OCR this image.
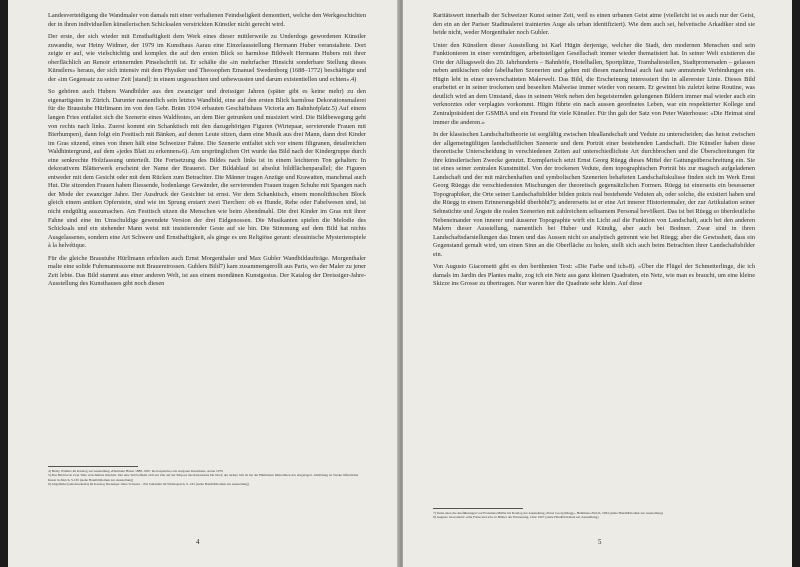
Landesverteidigung die Wandmaler von damals mit einer verhaltenen Feindseligkeit demontiert, welche den Werkgeschichten der in ihren individuellen künstlerischen Schicksalen verstrickten Künstler nicht gerecht wird.

Der erste, der sich wieder mit Ernsthaftigkeit dem Werk eines dieser mittlerweile zu Underdogs gewordenen Künstler zuwandte, war Heiny Widmer, der 1979 im Kunsthaus Aarau eine Einzelausstellung Hermann Huber veranstaltete. Dort zeigte er auf, wie vielschichtig und komplex die auf den ersten Blick so harmlose Bildwelt Hermann Hubers mit ihrer oberflächlich an Renoir erinnernden Pinselschrift ist. Er schälte die «in mehrfacher Hinsicht sonderbare Stellung dieses Künstlers» heraus, der sich intensiv mit dem Physiker und Theosophen Emanuel Swedenborg (1688–1772) beschäftigte und der «im Gegensatz zu seiner Zeit [stand]: in einem ungesuchten und unbewussten und darum existentiellen und echten».4)

So gehören auch Hubers Wandbilder aus den zwanziger und dreissiger Jahren (später gibt es keine mehr) zu den eigenartigsten in Zürich. Darunter namentlich sein letztes Wandbild, eine auf den ersten Blick harmlose Dekorationsmalerei für die Braustube Hürlimann im von den Gebr. Bräm 1934 erbauten Geschäftshaus Victoria am Bahnhofplatz.5) Auf einem langen Fries entfaltet sich die Szenerie eines Waldfestes, an dem Bier getrunken und musiziert wird. Die Bildbewegung geht von rechts nach links. Zuerst kommt ein Schanktisch mit den dazugehörigen Figuren (Wirtepaar, servierende Frauen mit Bierhumpen), dann folgt ein Festtisch mit Bänken, auf denen Leute sitzen, dann eine Musik aus drei Mann, dann drei Kinder im Gras sitzend, eines von ihnen hält eine Schweizer Fahne. Die Szenerie entfaltet sich vor einem filigranen, detailreichen Waldhintergrund, auf dem «jedes Blatt zu erkennen»6). Am ursprünglichen Ort wurde das Bild nach der Kindergruppe durch eine senkrechte Holzfassung unterteilt. Die Fortsetzung des Bildes nach links ist in einem leichteren Ton gehalten: In dekorativem Blätterwerk erscheint der Name der Brauerei. Der Bildablauf ist absolut bildflächenparallel; die Figuren entweder mit dem Gesicht oder mit dem Rücken zum Betrachter. Die Männer tragen Anzüge und Krawatten, manchmal auch Hut. Die sitzenden Frauen haben fliessende, bodenlange Gewänder, die servierenden Frauen tragen Schuhe mit Spangen nach der Mode der zwanziger Jahre. Der Ausdruck der Gesichter ist ernst. Vor dem Schanktisch, einem monolithischen Block gleich einem antiken Opferstein, sind wie im Sprung erstarrt zwei Tierchen: ob es Hunde, Rehe oder Fabelwesen sind, ist nicht endgültig auszumachen. Am Festtisch sitzen die Menschen wie beim Abendmahl. Die drei Kinder im Gras mit ihrer Fahne sind eine im Umschuldige gewendete Version der drei Eidgenossen. Die Musikanten spielen die Melodie des Schicksals und ein stehender Mann weist mit insistierender Geste auf sie hin. Die Stimmung auf dem Bild hat nichts Ausgelassenes, sondern eine Art Schwere und Ernsthaftigkeit, als ginge es um Religiöse gerant: eleusinische Mysterienspiele à la helvétique.

Für die gleiche Braustube Hürlimann erhielten auch Ernst Morgenthaler und Max Gubler Wandbildaufträge. Morgenthaler malte eine solide Fuhrmannsszene mit Brauereirossen. Gublers Bild7) kam zusammengerollt aus Paris, wo der Maler zu jener Zeit lebte. Das Bild stammt aus einer anderen Welt, ist aus einem mondänen Kunstgestus. Der Katalog der Dreissiger-Jahre-Ausstellung des Kunsthauses gibt noch diesen

4) Heiny Widmer im Katalog zur Ausstellung «Hermann Huber 1888–1967. Retrospektive» im Aargauer Kunsthaus, Aarau 1979
5) Das Bild hat in zwei Teile verschnitten überlebt. Der eine Teil befindet sich zur Zeit auf der Empore des Restaurants Du Nord; der andere Teil ist bei der Hürlimann Immobilien AG eingelagert. Abbildung in: Werke öffentlicher Kunst in Zürich, S.165 (siehe Handbibliothek zur Ausstellung)
6) Abgebildet (seitenverkehrt) im Katalog Dreissiger Jahre Schweiz – Ein Jahrzehnt im Widerspruch, S. 243 (siehe Handbibliothek zur Ausstellung)
4

Raritätswert innerhalb der Schweizer Kunst seiner Zeit, weil es einen urbanen Geist atme (vielleicht ist es auch nur der Geist, den ein an der Pariser Stadtmalerei trainiertes Auge als urban identifiziert). Wie dem auch sei, helvetische Arkadiker sind sie beide nicht, weder Morgenthaler noch Gubler.

Unter den Künstlern dieser Ausstellung ist Karl Hügin derjenige, welcher die Stadt, den modernen Menschen und sein Funktionieren in einer vernünftigen, arbeitsteiligen Gesellschaft immer wieder thematisiert hat. In seiner Welt existieren die Orte der Alltagswelt des 20. Jahrhunderts – Bahnhöfe, Hotelhallen, Sportplätze, Tramhaltestellen, Stadtpromenaden – gelassen neben antikischen oder fabelhaften Szenerien und gehen mit diesen manchmal auch fast naiv anmutende Verbindungen ein. Hügin lebt in einer unverschatteten Malerwelt. Das Bild, die Erscheinung interessiert ihn in allererster Linie. Dieses Bild erarbeitet er in seiner trockenen und beseelten Malweise immer wieder von neuem. Er gewinnt bis zuletzt keine Routine, was deutlich wird an dem Umstand, dass in seinem Werk neben den begeisternden gelungenen Bildern immer mal wieder auch ein verknorztes oder verplagtes vorkommt. Hügin führte ein nach aussen geordnetes Leben, war ein respektierter Kollege und Zentralpräsident der GSMBA und ein Freund für viele Künstler. Für ihn galt der Satz von Peter Waterhouse: «Die Heimat sind immer die anderen.»

In der klassischen Landschaftstheorie ist sorgfältig zwischen Ideallandschaft und Vedute zu unterscheiden; das heisst zwischen der allgemeingültigen landschaftlichen Szenerie und dem Porträt einer bestehenden Landschaft. Die Künstler haben diese theoretische Unterscheidung in verschiedenen Zeiten auf unterschiedlichste Art durchbrochen und die Überschreitungen für ihre künstlerischen Zwecke genutzt. Exemplarisch setzt Ernst Georg Rüegg dieses Mittel der Gattungsüberschreitung ein. Sie ist eines seiner zentralen Kunstmittel. Von der trockenen Vedute, dem topographischen Porträt bis zur magisch aufgeladenen Landschaft und der mit märchenhaften und symbolischen Szenerien behafteten Landschaftskulisse finden sich im Werk Ernst Georg Rüeggs die verschiedensten Mischungen der theoretisch gegensätzlichen Formen. Rüegg ist einerseits ein besessener Topographiker, die Orte seiner Landschaftsbilder bilden präzis real bestehende Veduten ab, oder solche, die existiert haben und die Rüegg in einem Erinnerungsbild überhöht7); andererseits ist er eine Art innerer Historienmaler, der zur Artikulation seiner Sehnsüchte und Ängste die realen Szenerien mit zahlreichem seltsamem Personal bevölkert. Das ist bei Rüegg so überdeutliche Nebeneinander von innerer und äusserer Topographie wirft ein Licht auf die Funktion von Landschaft, auch bei den anderen Malern dieser Ausstellung, namentlich bei Huber und Kündig, aber auch bei Bodmer. Zwar sind in ihren Landschaftsdarstellungen das Innen und das Aussen nicht so analytisch getrennt wie bei Rüegg; aber die Gewissheit, dass ein Gegenstand gemalt wird, um einen Sinn an die Oberfläche zu holen, stellt sich auch beim Betrachten ihrer Landschaftsbilder ein.

Von Augusto Giacometti gibt es den berühmten Text: «Die Farbe und ich»8). «Über die Flügel der Schmetterlinge, die ich damals im Jardin des Plantes malte, zog ich ein Netz aus ganz kleinen Quadraten, ein Netz, wie man es braucht, um eine kleine Skizze ins Grosse zu übertragen. Nur waren hier die Quadrate sehr klein. Auf diese

7) Siehe dazu die Ausführungen von Franziska Müller im Katalog der Ausstellung «Ernst Georg Rüegg», Helmhaus Zürich, 1984 (siehe Handbibliothek zur Ausstellung)
8) Augusto Giacometti: «Die Farbe und ich» in Blätter der Erinnerung, Chur 1997 (siehe Handbibliothek zur Ausstellung)
5
